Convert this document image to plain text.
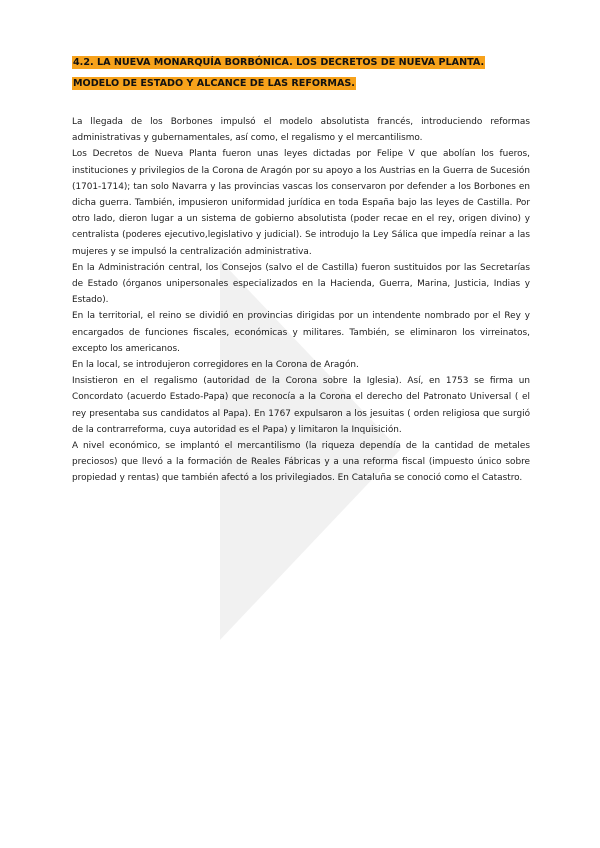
4.2. LA NUEVA MONARQUÍA BORBÓNICA. LOS DECRETOS DE NUEVA PLANTA. MODELO DE ESTADO Y ALCANCE DE LAS REFORMAS.

La llegada de los Borbones impulsó el modelo absolutista francés, introduciendo reformas administrativas y gubernamentales, así como, el regalismo y el mercantilismo.

Los Decretos de Nueva Planta fueron unas leyes dictadas por Felipe V que abolían los fueros, instituciones y privilegios de la Corona de Aragón por su apoyo a los Austrias en la Guerra de Sucesión (1701-1714); tan solo Navarra y las provincias vascas los conservaron por defender a los Borbones en dicha guerra. También, impusieron uniformidad jurídica en toda España bajo las leyes de Castilla. Por otro lado, dieron lugar a un sistema de gobierno absolutista (poder recae en el rey, origen divino) y centralista (poderes ejecutivo,legislativo y judicial). Se introdujo la Ley Sálica que impedía reinar a las mujeres y se impulsó la centralización administrativa.

En la Administración central, los Consejos (salvo el de Castilla) fueron sustituidos por las Secretarías de Estado (órganos unipersonales especializados en la Hacienda, Guerra, Marina, Justicia, Indias y Estado).

En la territorial, el reino se dividió en provincias dirigidas por un intendente nombrado por el Rey y encargados de funciones fiscales, económicas y militares. También, se eliminaron los virreinatos, excepto los americanos.

En la local, se introdujeron corregidores en la Corona de Aragón.

Insistieron en el regalismo (autoridad de la Corona sobre la Iglesia). Así, en 1753 se firma un Concordato (acuerdo Estado-Papa) que reconocía a la Corona el derecho del Patronato Universal ( el rey presentaba sus candidatos al Papa). En 1767 expulsaron a los jesuitas ( orden religiosa que surgió de la contrarreforma, cuya autoridad es el Papa) y limitaron la Inquisición.

A nivel económico, se implantó el mercantilismo (la riqueza dependía de la cantidad de metales preciosos) que llevó a la formación de Reales Fábricas y a una reforma fiscal (impuesto único sobre propiedad y rentas) que también afectó a los privilegiados. En Cataluña se conoció como el Catastro.
